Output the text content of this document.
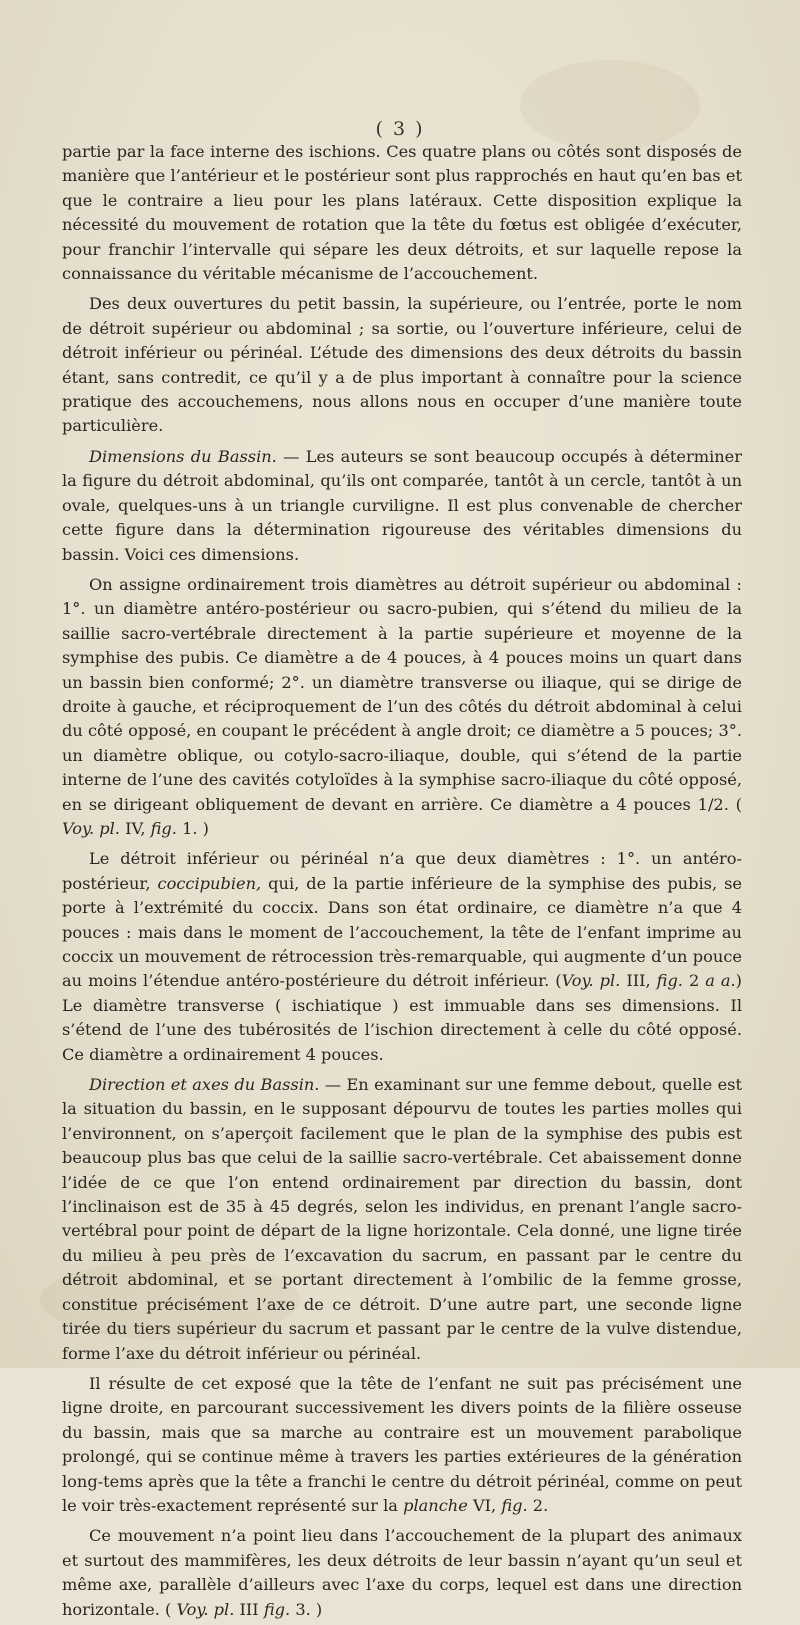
( 3 )

partie par la face interne des ischions. Ces quatre plans ou côtés sont disposés de manière que l’antérieur et le postérieur sont plus rapprochés en haut qu’en bas et que le contraire a lieu pour les plans latéraux. Cette disposition explique la nécessité du mouvement de rotation que la tête du fœtus est obligée d’exécuter, pour franchir l’intervalle qui sépare les deux détroits, et sur laquelle repose la connaissance du véritable mécanisme de l’accouchement.

Des deux ouvertures du petit bassin, la supérieure, ou l’entrée, porte le nom de détroit supérieur ou abdominal ; sa sortie, ou l’ouverture inférieure, celui de détroit inférieur ou périnéal. L’étude des dimensions des deux détroits du bassin étant, sans contredit, ce qu’il y a de plus important à connaître pour la science pratique des accouchemens, nous allons nous en occuper d’une manière toute particulière.

Dimensions du Bassin. — Les auteurs se sont beaucoup occupés à déterminer la figure du détroit abdominal, qu’ils ont comparée, tantôt à un cercle, tantôt à un ovale, quelques-uns à un triangle curviligne. Il est plus convenable de chercher cette figure dans la détermination rigoureuse des véritables dimensions du bassin. Voici ces dimensions.

On assigne ordinairement trois diamètres au détroit supérieur ou abdominal : 1°. un diamètre antéro-postérieur ou sacro-pubien, qui s’étend du milieu de la saillie sacro-vertébrale directement à la partie supérieure et moyenne de la symphise des pubis. Ce diamètre a de 4 pouces, à 4 pouces moins un quart dans un bassin bien conformé; 2°. un diamètre transverse ou iliaque, qui se dirige de droite à gauche, et réciproquement de l’un des côtés du détroit abdominal à celui du côté opposé, en coupant le précédent à angle droit; ce diamètre a 5 pouces; 3°. un diamètre oblique, ou cotylo-sacro-iliaque, double, qui s’étend de la partie interne de l’une des cavités cotyloïdes à la symphise sacro-iliaque du côté opposé, en se dirigeant obliquement de devant en arrière. Ce diamètre a 4 pouces 1/2. ( Voy. pl. IV, fig. 1. )

Le détroit inférieur ou périnéal n’a que deux diamètres : 1°. un antéro-postérieur, coccipubien, qui, de la partie inférieure de la symphise des pubis, se porte à l’extrémité du coccix. Dans son état ordinaire, ce diamètre n’a que 4 pouces : mais dans le moment de l’accouchement, la tête de l’enfant imprime au coccix un mouvement de rétrocession très-remarquable, qui augmente d’un pouce au moins l’étendue antéro-postérieure du détroit inférieur. (Voy. pl. III, fig. 2 a a.) Le diamètre transverse ( ischiatique ) est immuable dans ses dimensions. Il s’étend de l’une des tubérosités de l’ischion directement à celle du côté opposé. Ce diamètre a ordinairement 4 pouces.

Direction et axes du Bassin. — En examinant sur une femme debout, quelle est la situation du bassin, en le supposant dépourvu de toutes les parties molles qui l’environnent, on s’aperçoit facilement que le plan de la symphise des pubis est beaucoup plus bas que celui de la saillie sacro-vertébrale. Cet abaissement donne l’idée de ce que l’on entend ordinairement par direction du bassin, dont l’inclinaison est de 35 à 45 degrés, selon les individus, en prenant l’angle sacro-vertébral pour point de départ de la ligne horizontale. Cela donné, une ligne tirée du milieu à peu près de l’excavation du sacrum, en passant par le centre du détroit abdominal, et se portant directement à l’ombilic de la femme grosse, constitue précisément l’axe de ce détroit. D’une autre part, une seconde ligne tirée du tiers supérieur du sacrum et passant par le centre de la vulve distendue, forme l’axe du détroit inférieur ou périnéal.

Il résulte de cet exposé que la tête de l’enfant ne suit pas précisément une ligne droite, en parcourant successivement les divers points de la filière osseuse du bassin, mais que sa marche au contraire est un mouvement parabolique prolongé, qui se continue même à travers les parties extérieures de la génération long-tems après que la tête a franchi le centre du détroit périnéal, comme on peut le voir très-exactement représenté sur la planche VI, fig. 2.

Ce mouvement n’a point lieu dans l’accouchement de la plupart des animaux et surtout des mammifères, les deux détroits de leur bassin n’ayant qu’un seul et même axe, parallèle d’ailleurs avec l’axe du corps, lequel est dans une direction horizontale. ( Voy. pl. III fig. 3. )
